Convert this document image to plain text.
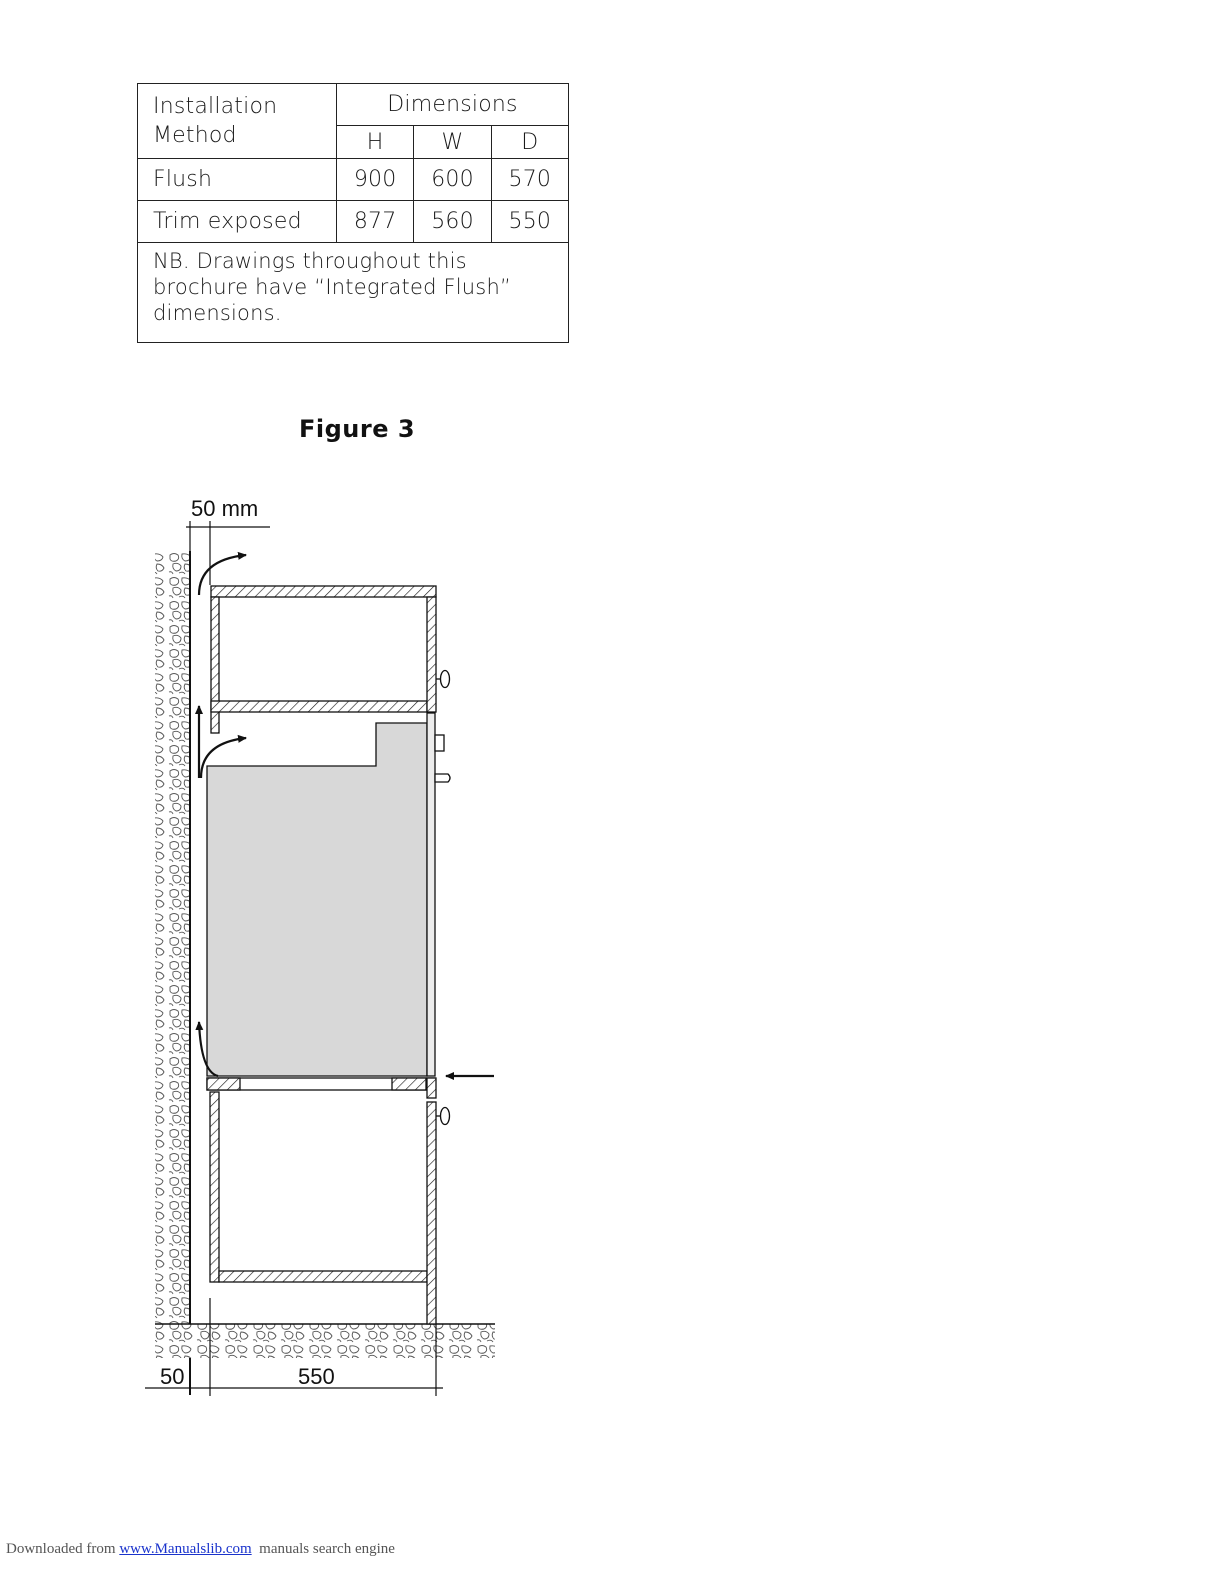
Installation
Method	Dimensions		
	H	W	D
Flush	900	600	570
Trim exposed	877	560	550
NB. Drawings throughout this brochure have “Integrated Flush” dimensions.			
Figure 3
50 mm
50	550
Downloaded from www.Manualslib.com  manuals search engine
